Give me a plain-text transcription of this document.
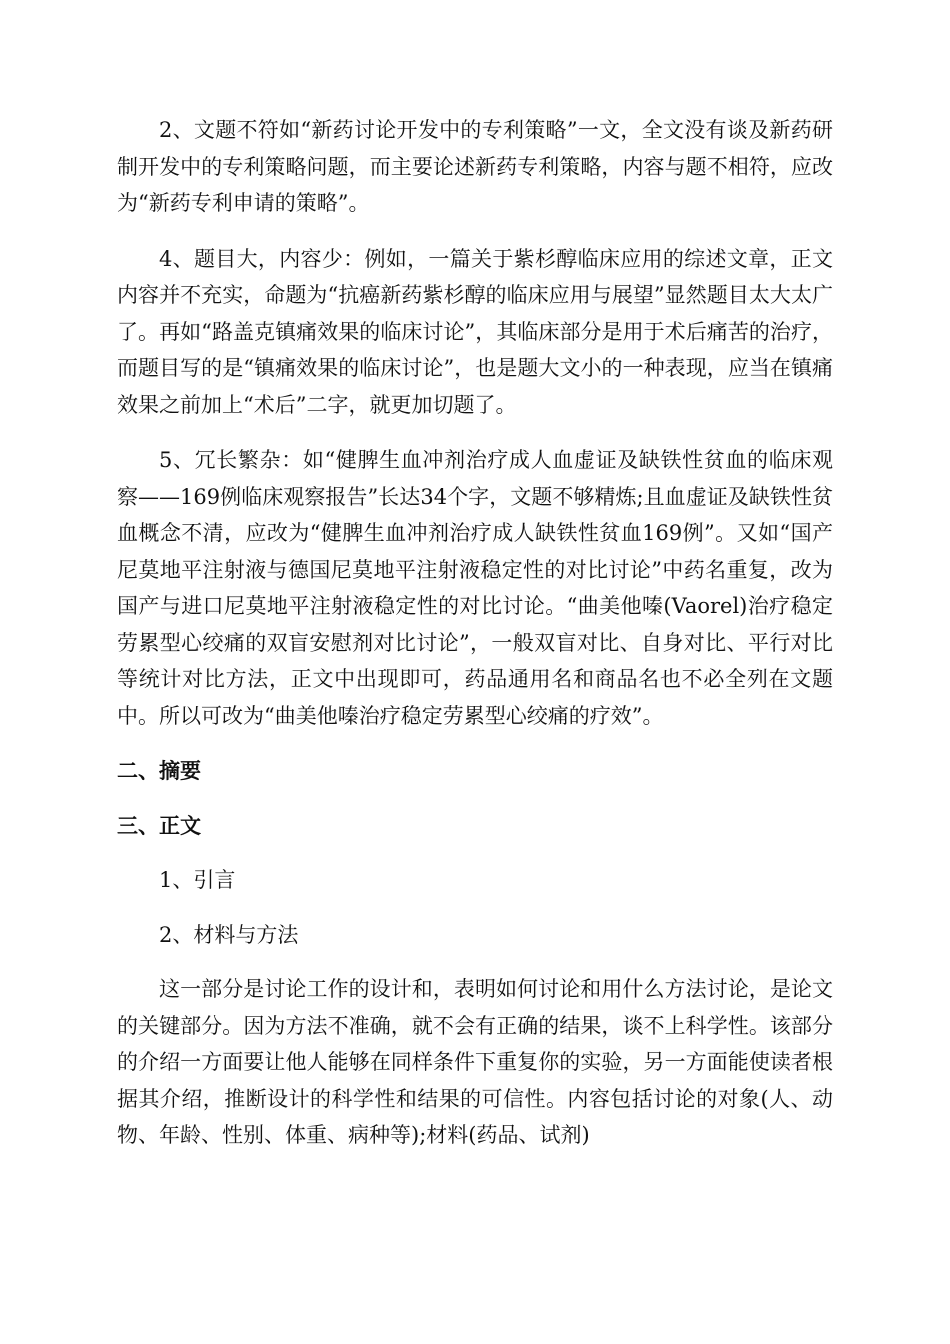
2、文题不符如“新药讨论开发中的专利策略”一文，全文没有谈及新药研制开发中的专利策略问题，而主要论述新药专利策略，内容与题不相符，应改为“新药专利申请的策略”。

4、题目大，内容少：例如，一篇关于紫杉醇临床应用的综述文章，正文内容并不充实，命题为“抗癌新药紫杉醇的临床应用与展望”显然题目太大太广了。再如“路盖克镇痛效果的临床讨论”，其临床部分是用于术后痛苦的治疗，而题目写的是“镇痛效果的临床讨论”，也是题大文小的一种表现，应当在镇痛效果之前加上“术后”二字，就更加切题了。

5、冗长繁杂：如“健脾生血冲剂治疗成人血虚证及缺铁性贫血的临床观察——169例临床观察报告”长达34个字，文题不够精炼;且血虚证及缺铁性贫血概念不清，应改为“健脾生血冲剂治疗成人缺铁性贫血169例”。又如“国产尼莫地平注射液与德国尼莫地平注射液稳定性的对比讨论”中药名重复，改为国产与进口尼莫地平注射液稳定性的对比讨论。“曲美他嗪(Vaorel)治疗稳定劳累型心绞痛的双盲安慰剂对比讨论”，一般双盲对比、自身对比、平行对比等统计对比方法，正文中出现即可，药品通用名和商品名也不必全列在文题中。所以可改为“曲美他嗪治疗稳定劳累型心绞痛的疗效”。

二、摘要
三、正文
1、引言
2、材料与方法

这一部分是讨论工作的设计和，表明如何讨论和用什么方法讨论，是论文的关键部分。因为方法不准确，就不会有正确的结果，谈不上科学性。该部分的介绍一方面要让他人能够在同样条件下重复你的实验，另一方面能使读者根据其介绍，推断设计的科学性和结果的可信性。内容包括讨论的对象(人、动物、年龄、性别、体重、病种等);材料(药品、试剂)
